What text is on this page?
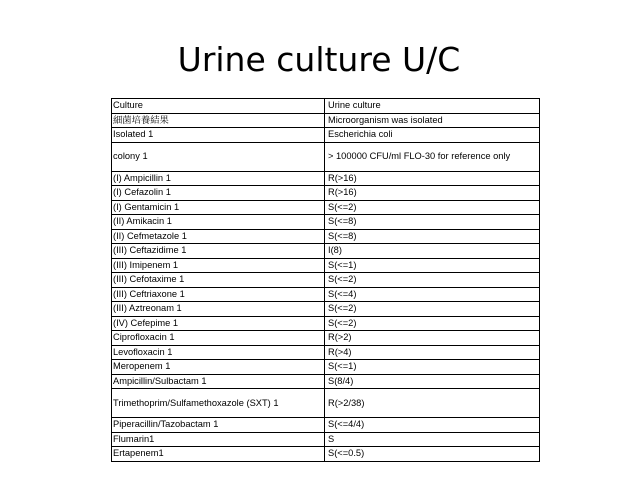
Urine culture U/C
Culture	Urine culture
細菌培養結果	Microorganism was isolated
Isolated 1	Escherichia coli
colony 1	> 100000 CFU/ml FLO-30 for reference only
(I) Ampicillin 1	R(>16)
(I) Cefazolin 1	R(>16)
(I) Gentamicin 1	S(<=2)
(II) Amikacin 1	S(<=8)
(II) Cefmetazole 1	S(<=8)
(III) Ceftazidime 1	I(8)
(III) Imipenem 1	S(<=1)
(III) Cefotaxime 1	S(<=2)
(III) Ceftriaxone 1	S(<=4)
(III) Aztreonam 1	S(<=2)
(IV) Cefepime 1	S(<=2)
Ciprofloxacin 1	R(>2)
Levofloxacin 1	R(>4)
Meropenem 1	S(<=1)
Ampicillin/Sulbactam 1	S(8/4)
Trimethoprim/Sulfamethoxazole (SXT) 1	R(>2/38)
Piperacillin/Tazobactam 1	S(<=4/4)
Flumarin1	S
Ertapenem1	S(<=0.5)
